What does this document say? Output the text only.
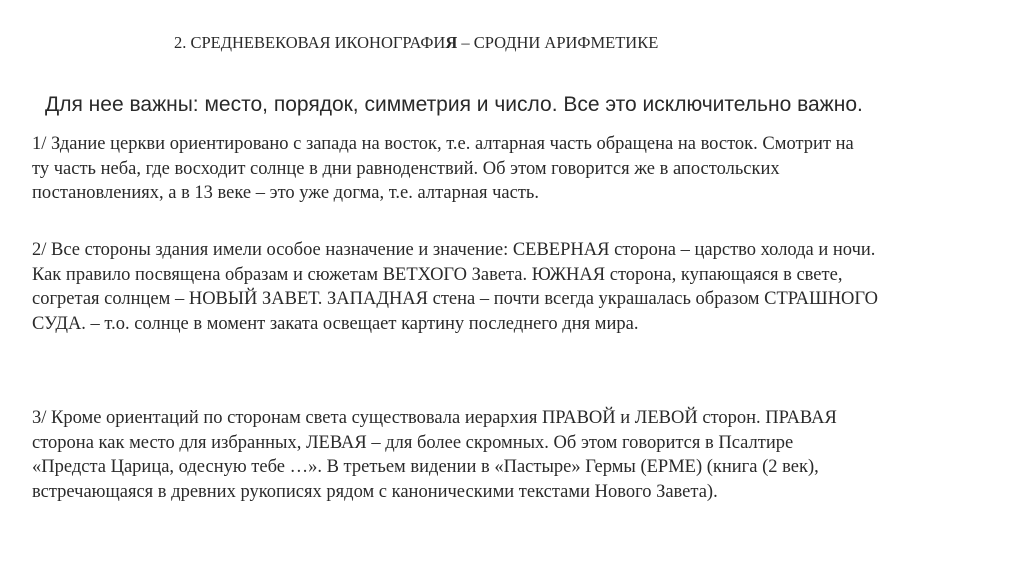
2. СРЕДНЕВЕКОВАЯ ИКОНОГРАФИЯ – СРОДНИ АРИФМЕТИКЕ
Для нее важны: место, порядок, симметрия и число. Все это исключительно важно.
1/ Здание церкви ориентировано с запада на восток, т.е. алтарная часть обращена на восток. Смотрит на
ту часть неба, где восходит солнце в дни равноденствий. Об этом говорится же в апостольских
постановлениях, а в 13 веке – это уже догма, т.е. алтарная часть.
2/ Все стороны здания имели особое назначение и значение: СЕВЕРНАЯ сторона – царство холода и ночи.
Как правило посвящена образам и сюжетам ВЕТХОГО Завета. ЮЖНАЯ сторона, купающаяся в свете,
согретая солнцем – НОВЫЙ ЗАВЕТ. ЗАПАДНАЯ стена – почти всегда украшалась образом СТРАШНОГО
СУДА. – т.о. солнце в момент заката освещает картину последнего дня мира.
3/ Кроме ориентаций по сторонам света существовала иерархия ПРАВОЙ и ЛЕВОЙ сторон. ПРАВАЯ
сторона как место для избранных, ЛЕВАЯ – для более скромных. Об этом говорится в Псалтире
«Предста Царица, одесную тебе …». В третьем видении в «Пастыре» Гермы (ЕРМЕ) (книга (2 век),
встречающаяся в древних рукописях рядом с каноническими текстами Нового Завета).
